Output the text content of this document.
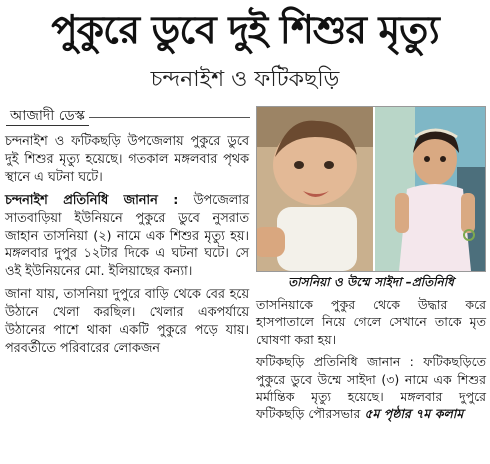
পুকুরে ডুবে দুই শিশুর মৃত্যু
চন্দনাইশ ও ফটিকছড়ি
আজাদী ডেস্ক

চন্দনাইশ ও ফটিকছড়ি উপজেলায় পুকুরে ডুবে দুই শিশুর মৃত্যু হয়েছে। গতকাল মঙ্গলবার পৃথক স্থানে এ ঘটনা ঘটে।

চন্দনাইশ প্রতিনিধি জানান : উপজেলার সাতবাড়িয়া ইউনিয়নে পুকুরে ডুবে নুসরাত জাহান তাসনিয়া (২) নামে এক শিশুর মৃত্যু হয়। মঙ্গলবার দুপুর ১২টার দিকে এ ঘটনা ঘটে। সে ওই ইউনিয়নের মো. ইলিয়াছের কন্যা।

জানা যায়, তাসনিয়া দুপুরে বাড়ি থেকে বের হয়ে উঠানে খেলা করছিল। খেলার একপর্যায়ে উঠানের পাশে থাকা একটি পুকুরে পড়ে যায়। পরবর্তীতে পরিবারের লোকজন

তাসনিয়া ও উম্মে সাইদা –প্রতিনিধি

তাসনিয়াকে পুকুর থেকে উদ্ধার করে হাসপাতালে নিয়ে গেলে সেখানে তাকে মৃত ঘোষণা করা হয়।

ফটিকছড়ি প্রতিনিধি জানান : ফটিকছড়িতে পুকুরে ডুবে উম্মে সাইদা (৩) নামে এক শিশুর মর্মান্তিক মৃত্যু হয়েছে। মঙ্গলবার দুপুরে ফটিকছড়ি পৌরসভার ৫ম পৃষ্ঠার ৭ম কলাম
